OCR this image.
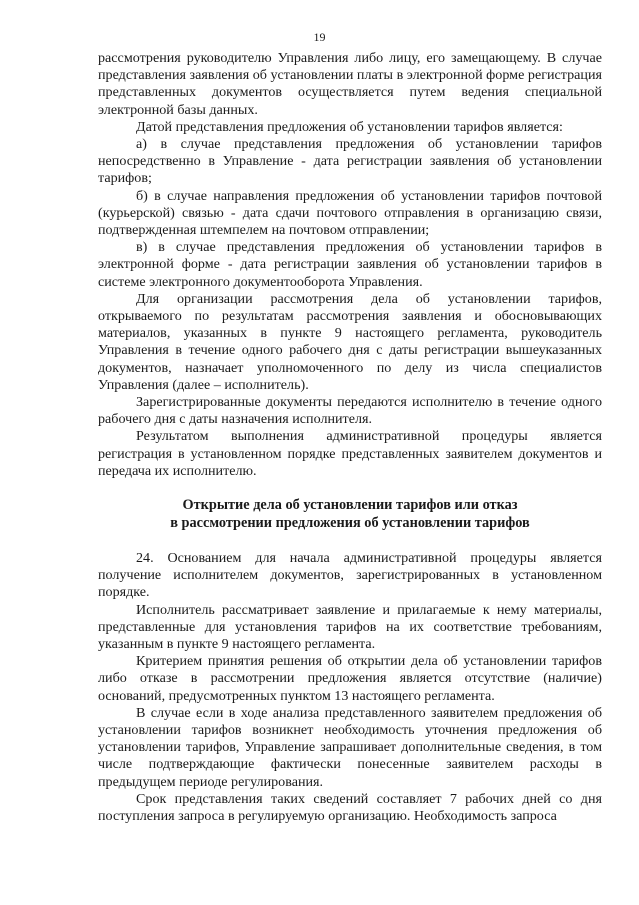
19

рассмотрения руководителю Управления либо лицу, его замещающему. В случае представления заявления об установлении платы в электронной форме регистрация представленных документов осуществляется путем ведения специальной электронной базы данных.

Датой представления предложения об установлении тарифов является:

а) в случае представления предложения об установлении тарифов непосредственно в Управление - дата регистрации заявления об установлении тарифов;

б) в случае направления предложения об установлении тарифов почтовой (курьерской) связью - дата сдачи почтового отправления в организацию связи, подтвержденная штемпелем на почтовом отправлении;

в) в случае представления предложения об установлении тарифов в электронной форме - дата регистрации заявления об установлении тарифов в системе электронного документооборота Управления.

Для организации рассмотрения дела об установлении тарифов, открываемого по результатам рассмотрения заявления и обосновывающих материалов, указанных в пункте 9 настоящего регламента, руководитель Управления в течение одного рабочего дня с даты регистрации вышеуказанных документов, назначает уполномоченного по делу из числа специалистов Управления (далее – исполнитель).

Зарегистрированные документы передаются исполнителю в течение одного рабочего дня с даты назначения исполнителя.

Результатом выполнения административной процедуры является регистрация в установленном порядке представленных заявителем документов и передача их исполнителю.

Открытие дела об установлении тарифов или отказ
в рассмотрении предложения об установлении тарифов

24. Основанием для начала административной процедуры является получение исполнителем документов, зарегистрированных в установленном порядке.

Исполнитель рассматривает заявление и прилагаемые к нему материалы, представленные для установления тарифов на их соответствие требованиям, указанным в пункте 9 настоящего регламента.

Критерием принятия решения об открытии дела об установлении тарифов либо отказе в рассмотрении предложения является отсутствие (наличие) оснований, предусмотренных пунктом 13 настоящего регламента.

В случае если в ходе анализа представленного заявителем предложения об установлении тарифов возникнет необходимость уточнения предложения об установлении тарифов, Управление запрашивает дополнительные сведения, в том числе подтверждающие фактически понесенные заявителем расходы в предыдущем периоде регулирования.

Срок представления таких сведений составляет 7 рабочих дней со дня поступления запроса в регулируемую организацию. Необходимость запроса
